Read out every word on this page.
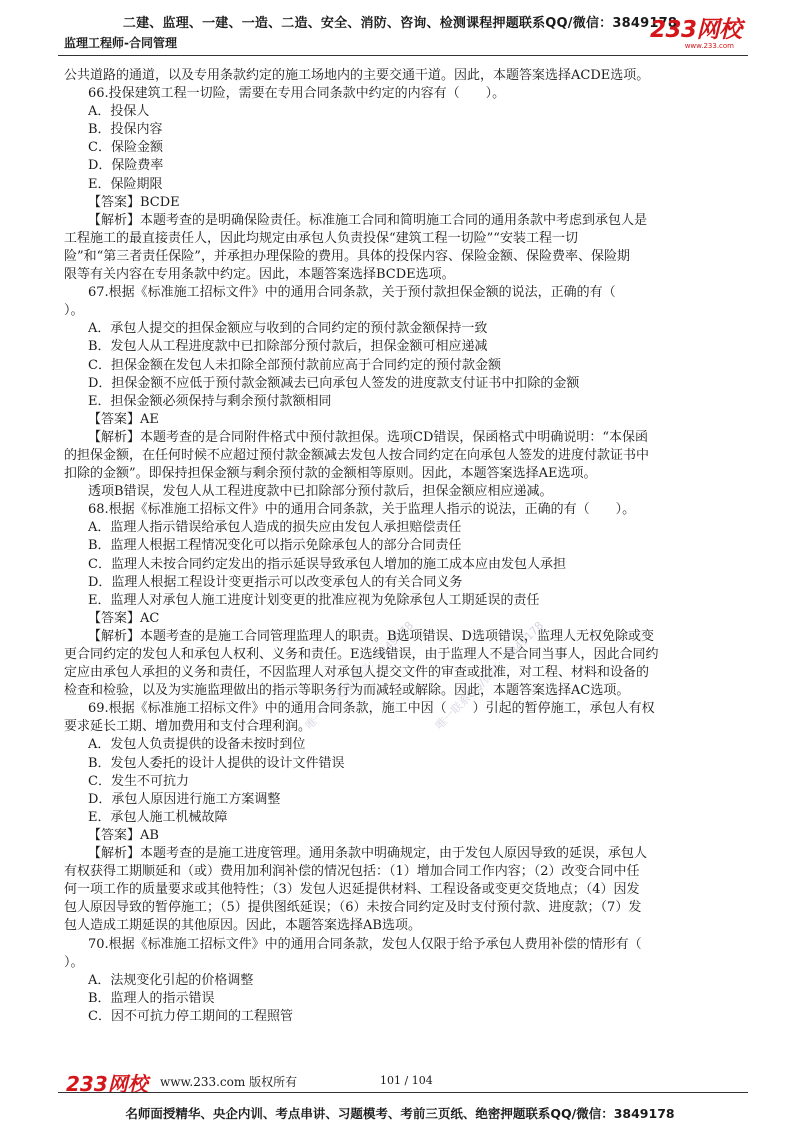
二建、监理、一建、一造、二造、安全、消防、咨询、检测课程押题联系QQ/微信：3849178
监理工程师-合同管理	233网校
www.233.com
唯一联系QQ/微信：3849178 唯一联系QQ/微信：3849178
公共道路的通道，以及专用条款约定的施工场地内的主要交通干道。因此，本题答案选择ACDE选项。
66.投保建筑工程一切险，需要在专用合同条款中约定的内容有（　　）。
A．投保人
B．投保内容
C．保险金额
D．保险费率
E．保险期限
【答案】BCDE
【解析】本题考查的是明确保险责任。标准施工合同和简明施工合同的通用条款中考虑到承包人是
工程施工的最直接责任人，因此均规定由承包人负责投保“建筑工程一切险”“安装工程一切
险”和“第三者责任保险”，并承担办理保险的费用。具体的投保内容、保险金额、保险费率、保险期
限等有关内容在专用条款中约定。因此，本题答案选择BCDE选项。
67.根据《标准施工招标文件》中的通用合同条款，关于预付款担保金额的说法，正确的有（
）。
A．承包人提交的担保金额应与收到的合同约定的预付款金额保持一致
B．发包人从工程进度款中已扣除部分预付款后，担保金额可相应递减
C．担保金额在发包人未扣除全部预付款前应高于合同约定的预付款金额
D．担保金额不应低于预付款金额减去已向承包人签发的进度款支付证书中扣除的金额
E．担保金额必须保持与剩余预付款额相同
【答案】AE
【解析】本题考查的是合同附件格式中预付款担保。选项CD错误，保函格式中明确说明：“本保函
的担保金额，在任何时候不应超过预付款金额减去发包人按合同约定在向承包人签发的进度付款证书中
扣除的金额”。即保持担保金额与剩余预付款的金额相等原则。因此，本题答案选择AE选项。
透项B错误，发包人从工程进度款中已扣除部分预付款后，担保金额应相应递减。
68.根据《标准施工招标文件》中的通用合同条款，关于监理人指示的说法，正确的有（　　）。
A．监理人指示错误给承包人造成的损失应由发包人承担赔偿责任
B．监理人根据工程情况变化可以指示免除承包人的部分合同责任
C．监理人未按合同约定发出的指示延误导致承包人增加的施工成本应由发包人承担
D．监理人根据工程设计变更指示可以改变承包人的有关合同义务
E．监理人对承包人施工进度计划变更的批准应视为免除承包人工期延误的责任
【答案】AC
【解析】本题考查的是施工合同管理监理人的职责。B选项错误、D选项错误，监理人无权免除或变
更合同约定的发包人和承包人权利、义务和责任。E选线错误，由于监理人不是合同当事人，因此合同约
定应由承包人承担的义务和责任，不因监理人对承包人提交文件的审查或批准，对工程、材料和设备的
检查和检验，以及为实施监理做出的指示等职务行为而减轻或解除。因此，本题答案选择AC选项。
69.根据《标准施工招标文件》中的通用合同条款，施工中因（　　）引起的暂停施工，承包人有权
要求延长工期、增加费用和支付合理利润。
A．发包人负责提供的设备未按时到位
B．发包人委托的设计人提供的设计文件错误
C．发生不可抗力
D．承包人原因进行施工方案调整
E．承包人施工机械故障
【答案】AB
【解析】本题考查的是施工进度管理。通用条款中明确规定，由于发包人原因导致的延误，承包人
有权获得工期顺延和（或）费用加利润补偿的情况包括：（1）增加合同工作内容；（2）改变合同中任
何一项工作的质量要求或其他特性；（3）发包人迟延提供材料、工程设备或变更交货地点；（4）因发
包人原因导致的暂停施工；（5）提供图纸延误；（6）未按合同约定及时支付预付款、进度款；（7）发
包人造成工期延误的其他原因。因此，本题答案选择AB选项。
70.根据《标准施工招标文件》中的通用合同条款，发包人仅限于给予承包人费用补偿的情形有（
）。
A．法规变化引起的价格调整
B．监理人的指示错误
C．因不可抗力停工期间的工程照管
233网校 www.233.com 版权所有	101 / 104
名师面授精华、央企内训、考点串讲、习题模考、考前三页纸、绝密押题联系QQ/微信：3849178
